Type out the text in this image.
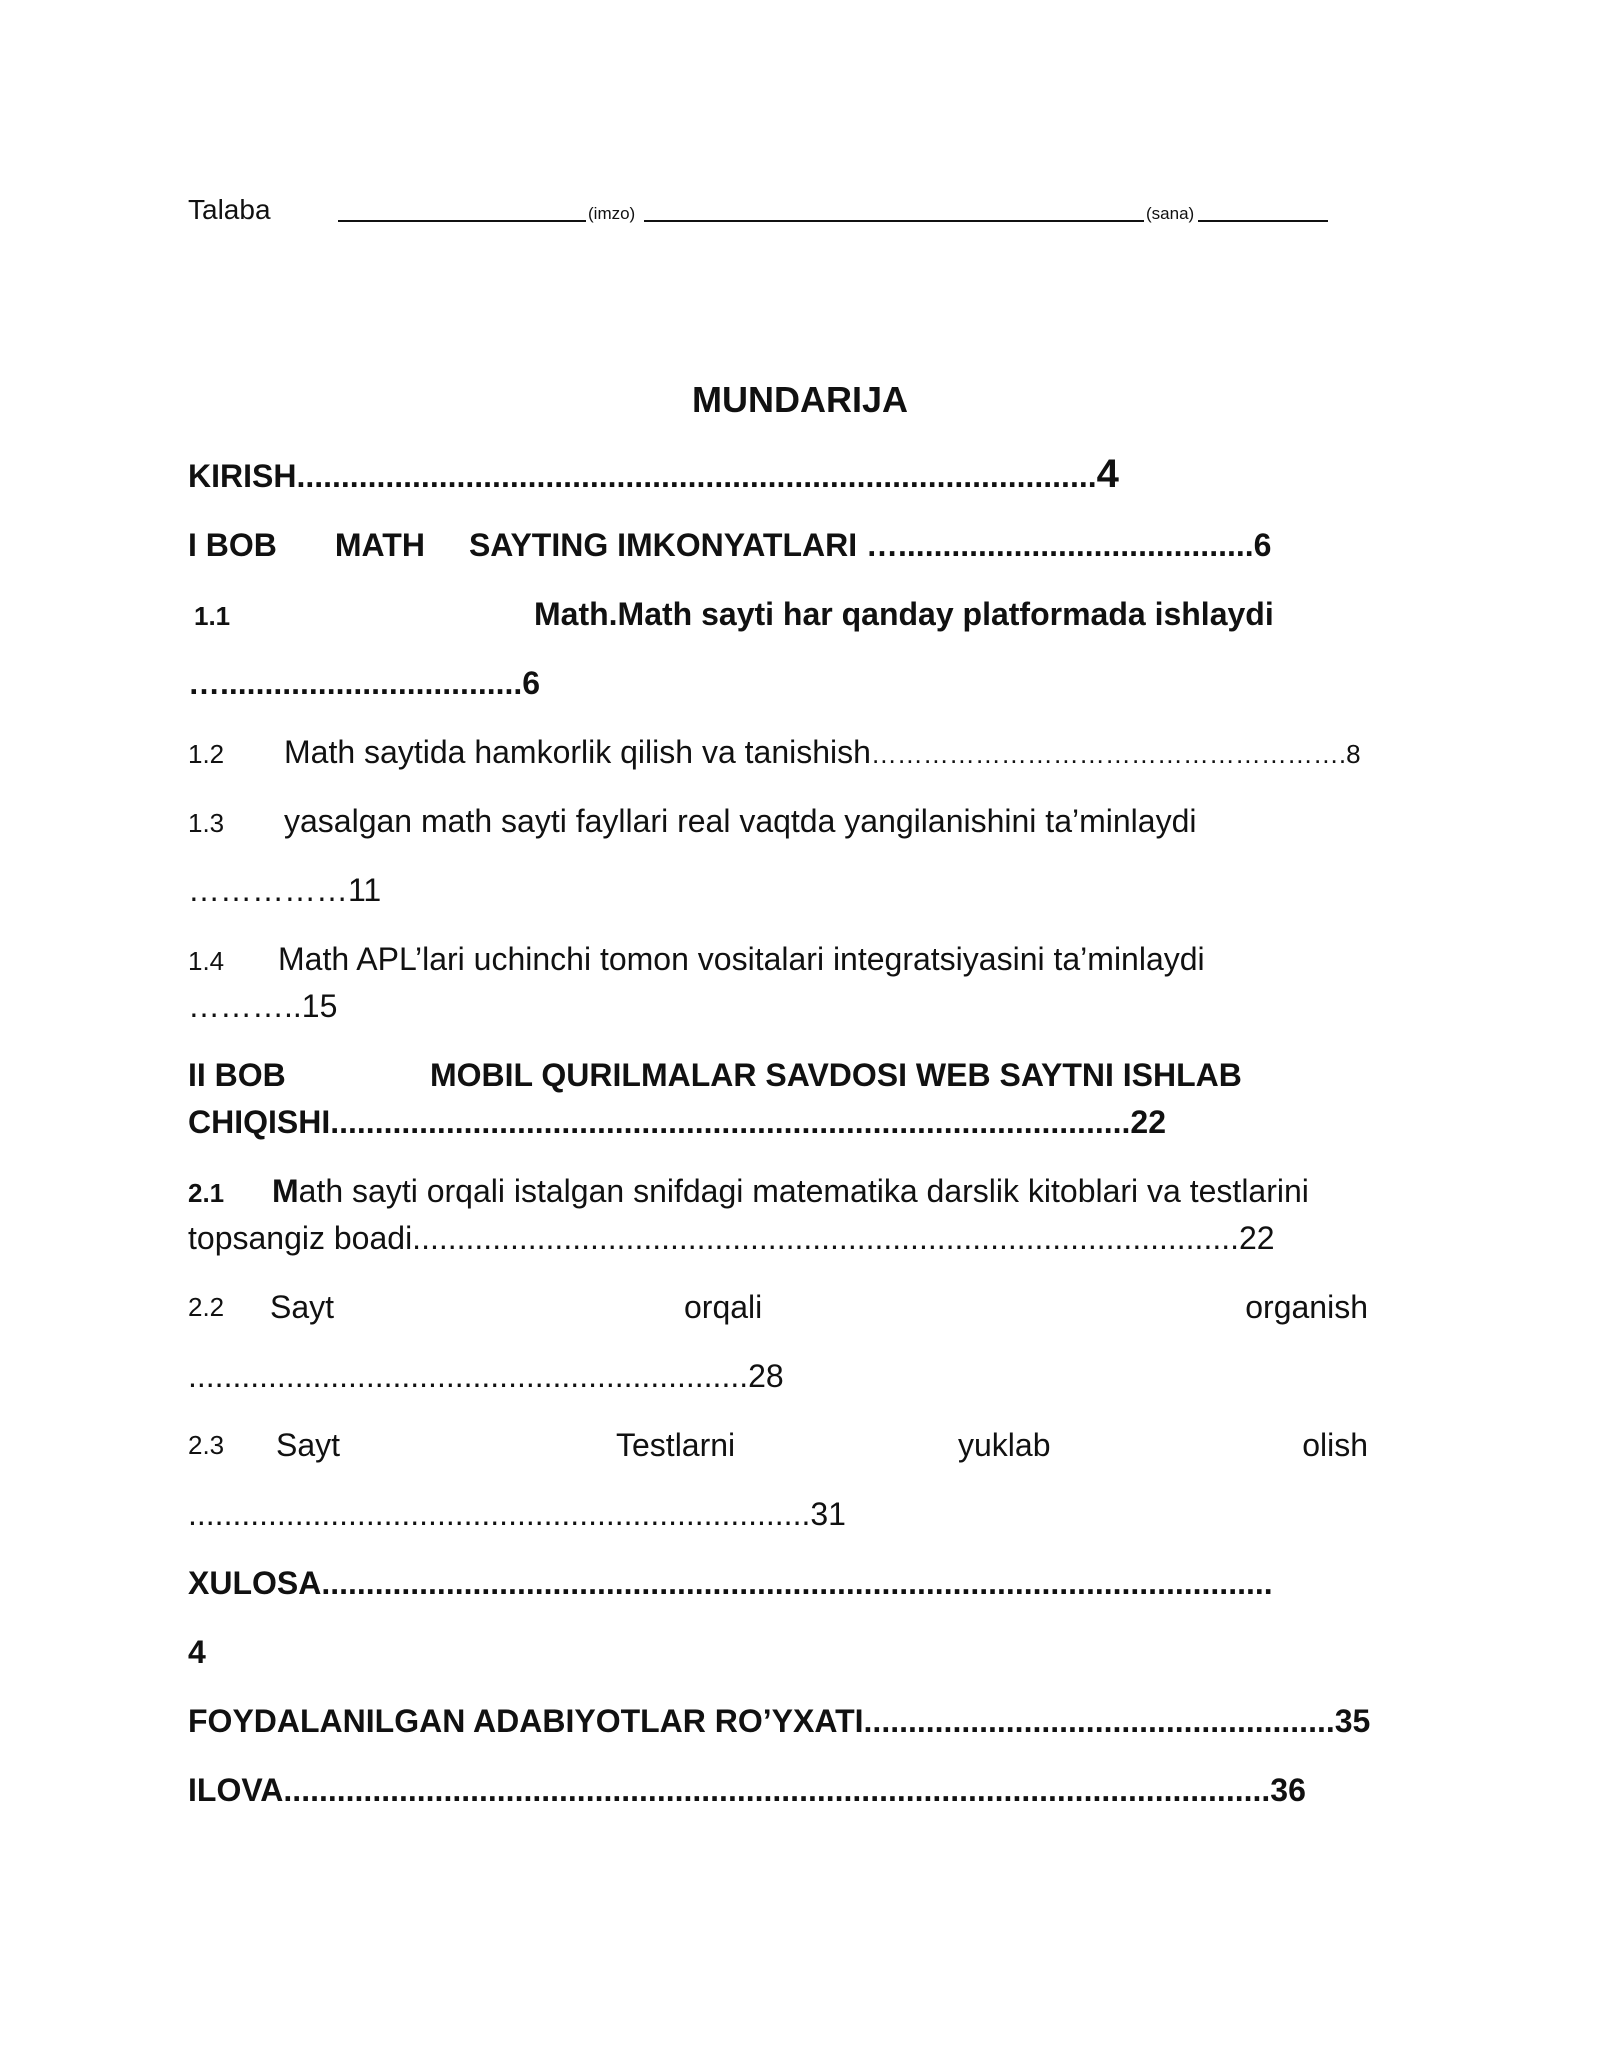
Talaba	(imzo)	(sana)
MUNDARIJA
KIRISH..........................................................................................4
I BOB MATH SAYTING IMKONYATLARI …........................................6
1.1	Math.Math sayti har qanday platformada ishlaydi
…..................................6
1.2 Math saytida hamkorlik qilish va tanishish……………………………………………….8
1.3 yasalgan math sayti fayllari real vaqtda yangilanishini ta’minlaydi
……………11
1.4 Math APL’lari uchinchi tomon vositalari integratsiyasini ta’minlaydi
………..15
II BOB	MOBIL QURILMALAR SAVDOSI WEB SAYTNI ISHLAB
CHIQISHI..........................................................................................22
2.1 Math sayti orqali istalgan snifdagi matematika darslik kitoblari va testlarini
topsangiz boadi.............................................................................................22
2.2 Sayt	orqali	organish
...............................................................28
2.3 Sayt	Testlarni	yuklab	olish
......................................................................31
XULOSA...........................................................................................................
4
FOYDALANILGAN ADABIYOTLAR RO’YXATI.....................................................35
ILOVA...............................................................................................................36
